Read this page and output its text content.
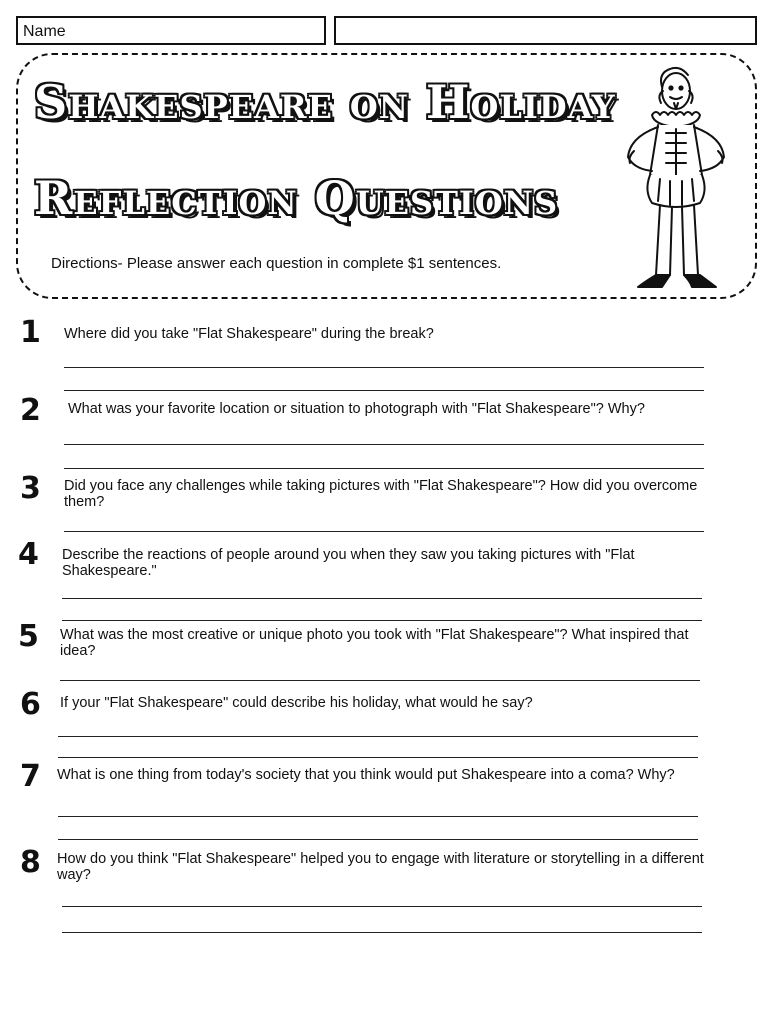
Name
Shakespeare on Holiday
Reflection Questions
Directions- Please answer each question in complete $1 sentences.
1	Where did you take "Flat Shakespeare" during the break?
2	What was your favorite location or situation to photograph with "Flat Shakespeare"? Why?
3	Did you face any challenges while taking pictures with "Flat Shakespeare"? How did you overcome them?
4	Describe the reactions of people around you when they saw you taking pictures with "Flat Shakespeare."
5	What was the most creative or unique photo you took with "Flat Shakespeare"? What inspired that idea?
6	If your "Flat Shakespeare" could describe his holiday, what would he say?
7	What is one thing from today's society that you think would put Shakespeare into a coma? Why?
8	How do you think "Flat Shakespeare" helped you to engage with literature or storytelling in a different way?
